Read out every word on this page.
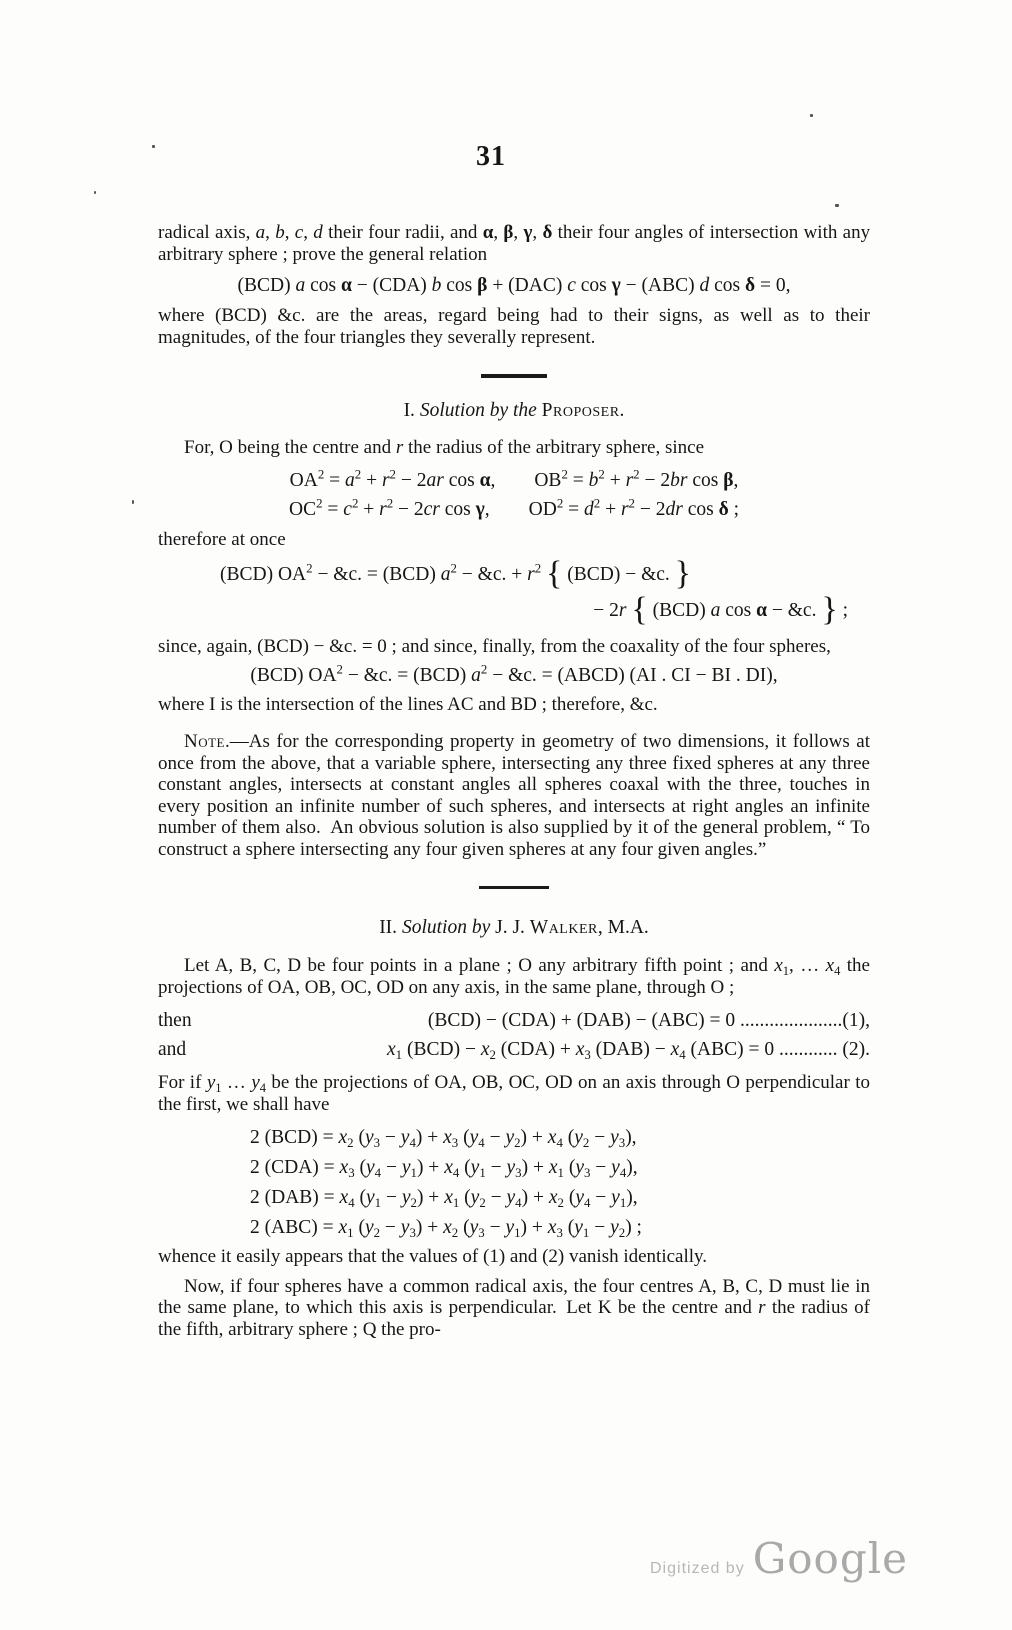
31

radical axis, a, b, c, d their four radii, and α, β, γ, δ their four angles of intersection with any arbitrary sphere ; prove the general relation

(BCD) a cos α − (CDA) b cos β + (DAC) c cos γ − (ABC) d cos δ = 0,

where (BCD) &c. are the areas, regard being had to their signs, as well as to their magnitudes, of the four triangles they severally represent.

I. Solution by the Proposer.

For, O being the centre and r the radius of the arbitrary sphere, since

$OA^2 = a^2 + r^2 - 2ar$ cos α,  $OB^2 = b^2 + r^2 - 2br$ cos β,
$OC^2 = c^2 + r^2 - 2cr$ cos γ,  $OD^2 = d^2 + r^2 - 2dr$ cos δ ;

therefore at once

(BCD) $OA^2$ − &c. = (BCD) $a^2$ − &c. + $r^2$ { (BCD) − &c. }
− 2r { (BCD) a cos α − &c. } ;

since, again, (BCD) − &c. = 0 ; and since, finally, from the coaxality of the four spheres,

(BCD) $OA^2$ − &c. = (BCD) $a^2$ − &c. = (ABCD) (AI . CI − BI . DI),

where I is the intersection of the lines AC and BD ; therefore, &c.

Note.—As for the corresponding property in geometry of two dimensions, it follows at once from the above, that a variable sphere, intersecting any three fixed spheres at any three constant angles, intersects at constant angles all spheres coaxal with the three, touches in every position an infinite number of such spheres, and intersects at right angles an infinite number of them also. An obvious solution is also supplied by it of the general problem, “ To construct a sphere intersecting any four given spheres at any four given angles.”

II. Solution by J. J. Walker, M.A.

Let A, B, C, D be four points in a plane ; O any arbitrary fifth point ; and $x_1$, … $x_4$ the projections of OA, OB, OC, OD on any axis, in the same plane, through O ;

then	(BCD) − (CDA) + (DAB) − (ABC) = 0 .....................(1),
and	$x_1$ $(BCD) - x_2$ $(CDA) + x_3$ $(DAB) - x_4$ (ABC) = 0 ............ (2).

For if $y_1$ … $y_4$ be the projections of OA, OB, OC, OD on an axis through O perpendicular to the first, we shall have

2 $(BCD) = x_2$ $(y_3 - y_4) + x_3$ $(y_4 - y_2) + x_4$ $(y_2 - y_3)$,
2 $(CDA) = x_3$ $(y_4 - y_1) + x_4$ $(y_1 - y_3) + x_1$ $(y_3 - y_4)$,
2 $(DAB) = x_4$ $(y_1 - y_2) + x_1$ $(y_2 - y_4) + x_2$ $(y_4 - y_1)$,
2 $(ABC) = x_1$ $(y_2 - y_3) + x_2$ $(y_3 - y_1) + x_3$ $(y_1 - y_2)$ ;

whence it easily appears that the values of (1) and (2) vanish identically.

Now, if four spheres have a common radical axis, the four centres A, B, C, D must lie in the same plane, to which this axis is perpendicular. Let K be the centre and r the radius of the fifth, arbitrary sphere ; Q the pro-

Digitized by Google
